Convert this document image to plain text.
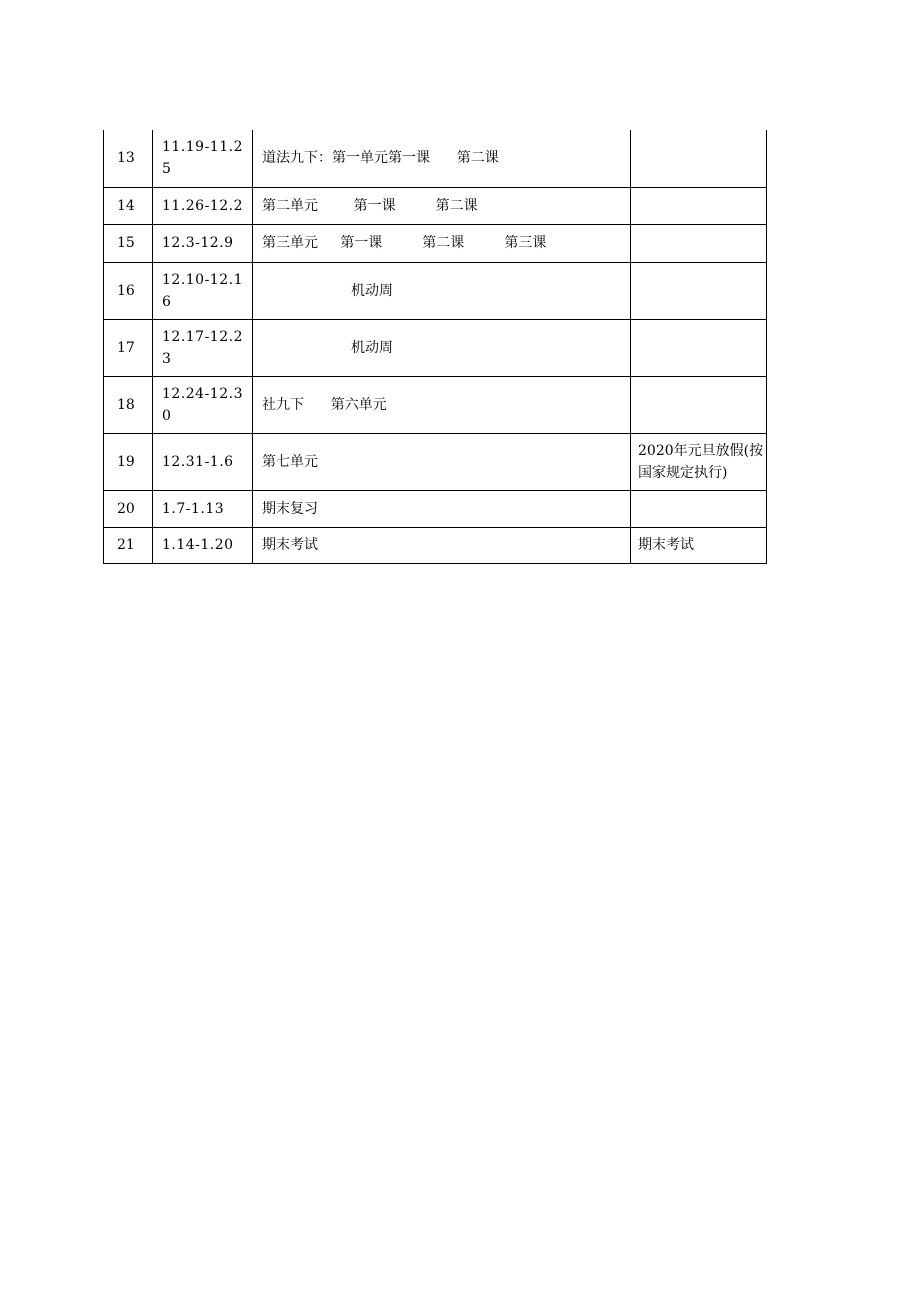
13	11.19-11.25	道法九下：第一单元第一课      第二课	
14	11.26-12.2	第二单元        第一课         第二课	
15	12.3-12.9	第三单元     第一课         第二课         第三课	
16	12.10-12.16	机动周	
17	12.17-12.23	机动周	
18	12.24-12.30	社九下      第六单元	
19	12.31-1.6	第七单元	2020年元旦放假(按国家规定执行)
20	1.7-1.13	期末复习	
21	1.14-1.20	期末考试	期末考试
